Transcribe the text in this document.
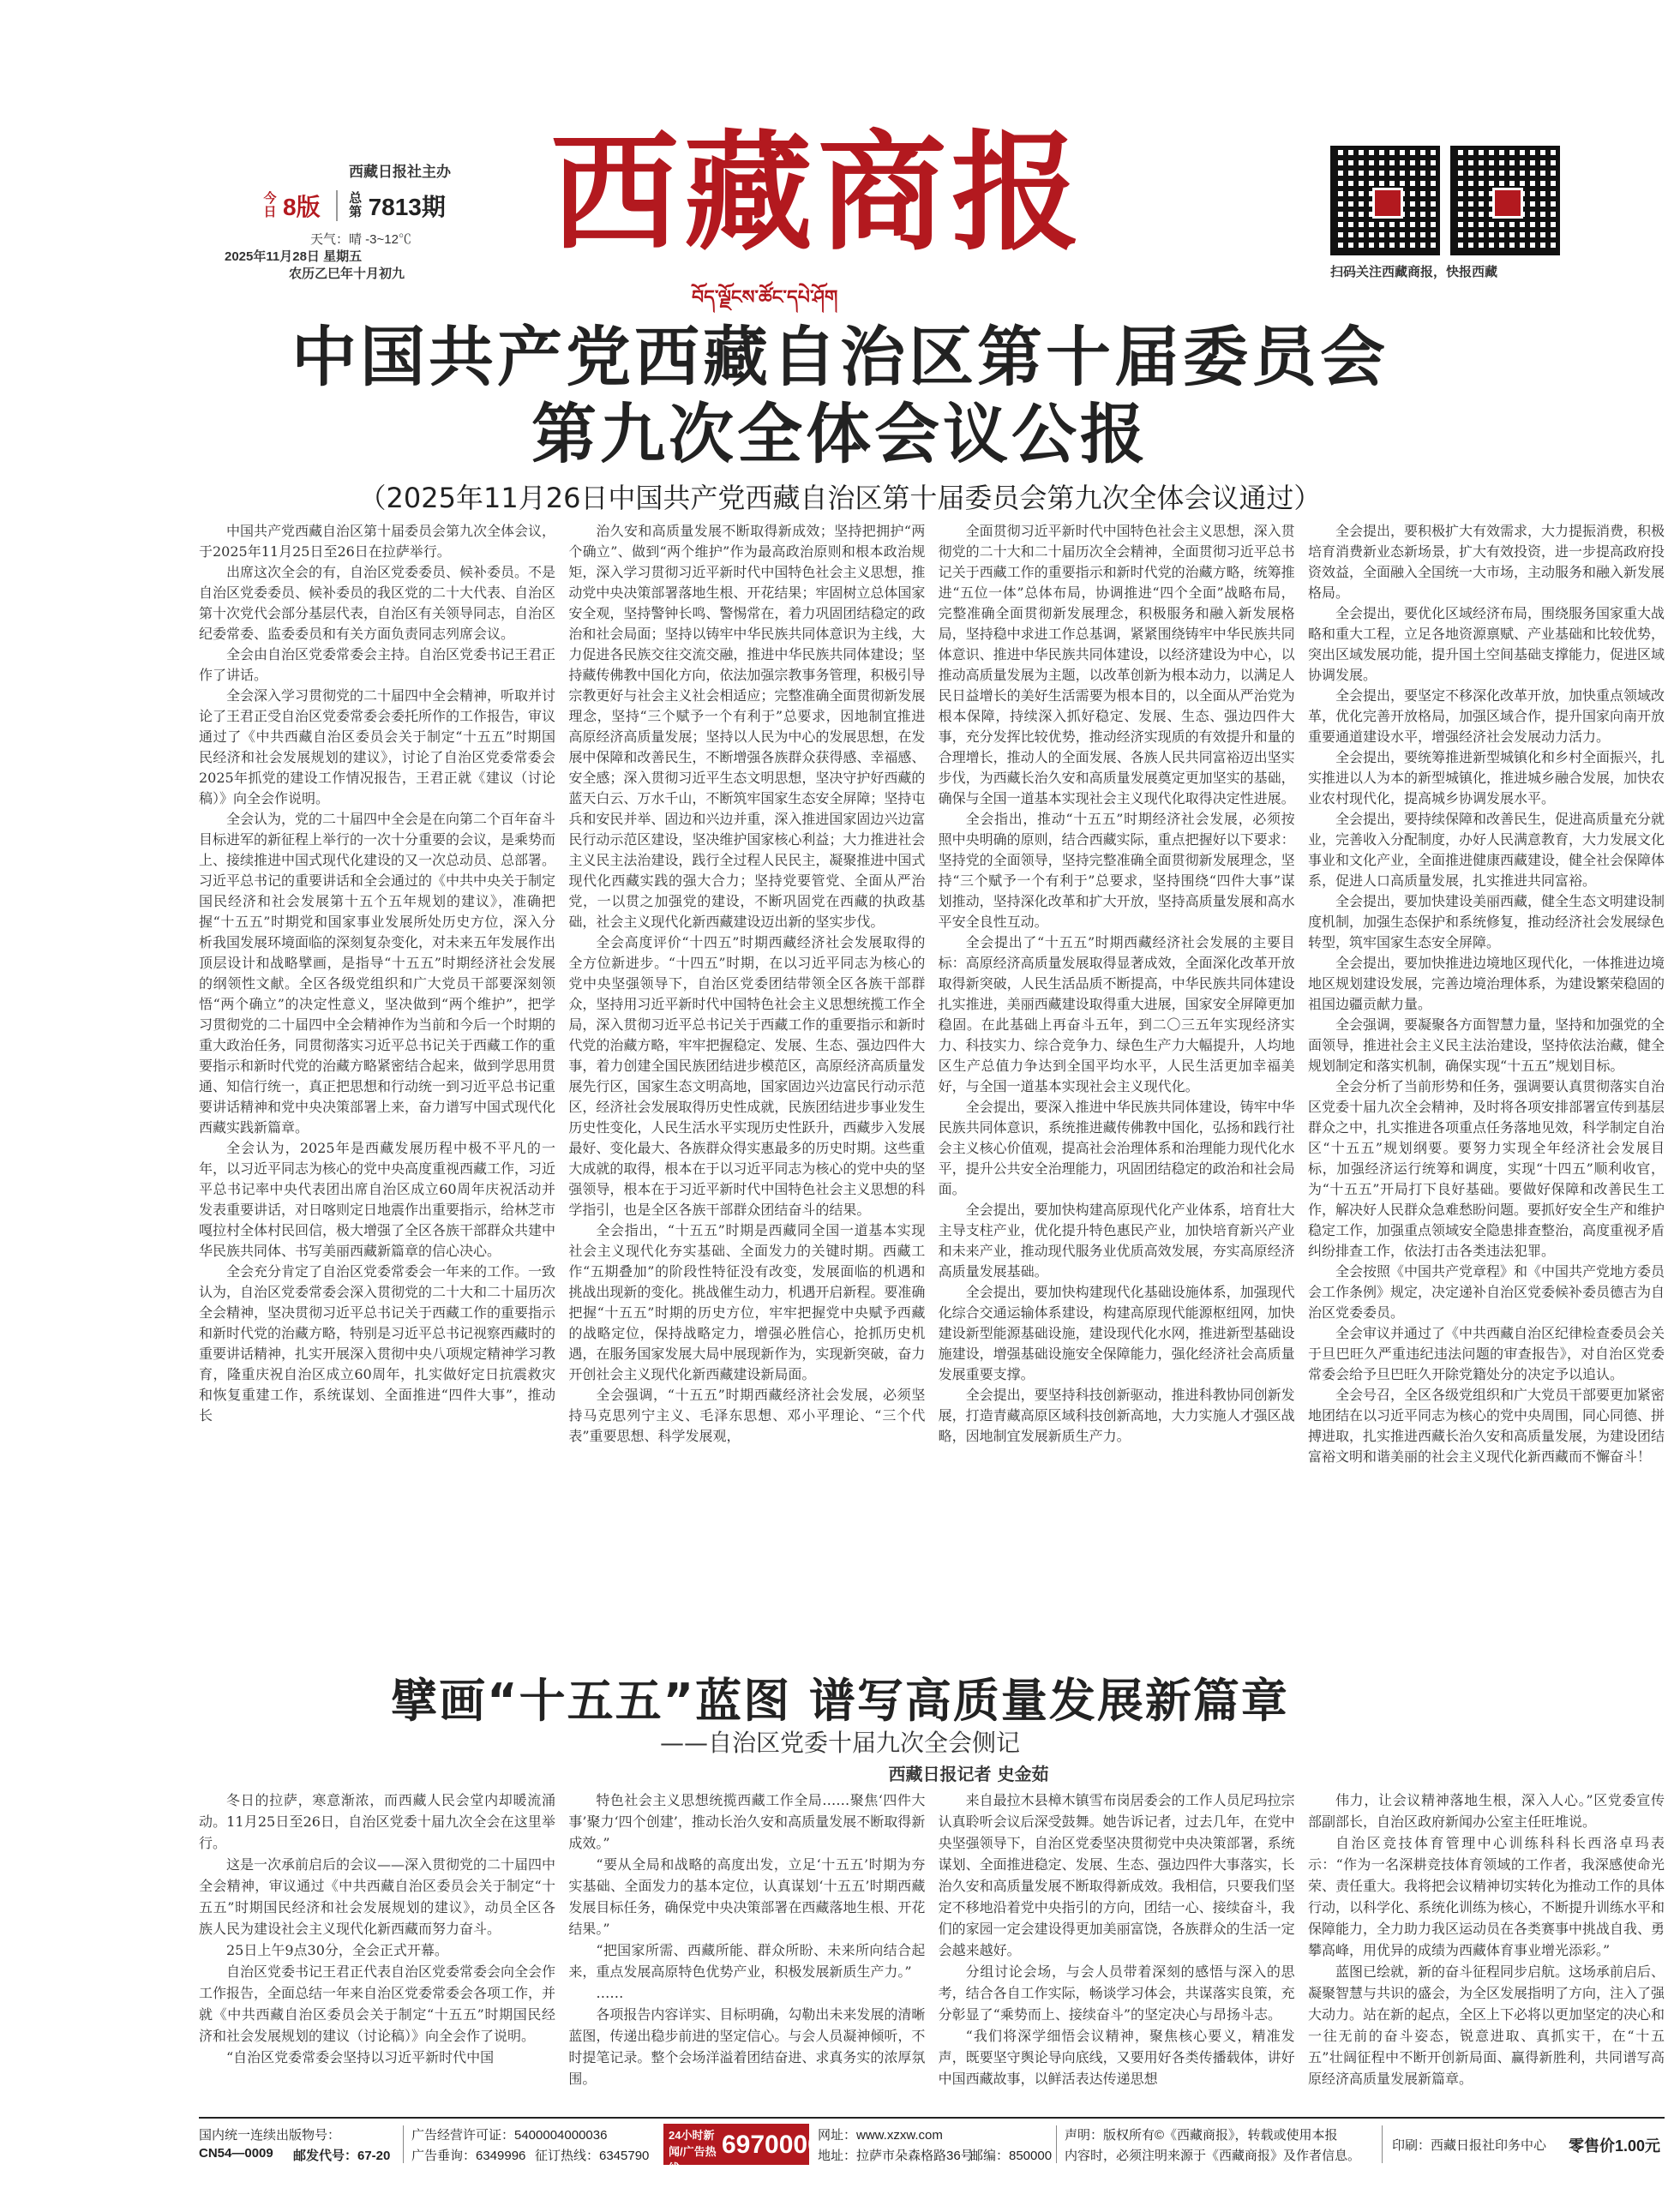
西藏日报社主办
今日 8版 总第 7813期
天气：晴 -3~12℃
2025年11月28日 星期五
农历乙巳年十月初九
西藏商报
བོད་ལྗོངས་ཚོང་དཔེ་ཤོག
扫码关注西藏商报，快报西藏
中国共产党西藏自治区第十届委员会
第九次全体会议公报
（2025年11月26日中国共产党西藏自治区第十届委员会第九次全体会议通过）

中国共产党西藏自治区第十届委员会第九次全体会议，于2025年11月25日至26日在拉萨举行。

出席这次全会的有，自治区党委委员、候补委员。不是自治区党委委员、候补委员的我区党的二十大代表、自治区第十次党代会部分基层代表，自治区有关领导同志，自治区纪委常委、监委委员和有关方面负责同志列席会议。

全会由自治区党委常委会主持。自治区党委书记王君正作了讲话。

全会深入学习贯彻党的二十届四中全会精神，听取并讨论了王君正受自治区党委常委会委托所作的工作报告，审议通过了《中共西藏自治区委员会关于制定“十五五”时期国民经济和社会发展规划的建议》，讨论了自治区党委常委会2025年抓党的建设工作情况报告，王君正就《建议（讨论稿）》向全会作说明。

全会认为，党的二十届四中全会是在向第二个百年奋斗目标进军的新征程上举行的一次十分重要的会议，是乘势而上、接续推进中国式现代化建设的又一次总动员、总部署。习近平总书记的重要讲话和全会通过的《中共中央关于制定国民经济和社会发展第十五个五年规划的建议》，准确把握“十五五”时期党和国家事业发展所处历史方位，深入分析我国发展环境面临的深刻复杂变化，对未来五年发展作出顶层设计和战略擘画，是指导“十五五”时期经济社会发展的纲领性文献。全区各级党组织和广大党员干部要深刻领悟“两个确立”的决定性意义，坚决做到“两个维护”，把学习贯彻党的二十届四中全会精神作为当前和今后一个时期的重大政治任务，同贯彻落实习近平总书记关于西藏工作的重要指示和新时代党的治藏方略紧密结合起来，做到学思用贯通、知信行统一，真正把思想和行动统一到习近平总书记重要讲话精神和党中央决策部署上来，奋力谱写中国式现代化西藏实践新篇章。

全会认为，2025年是西藏发展历程中极不平凡的一年，以习近平同志为核心的党中央高度重视西藏工作，习近平总书记率中央代表团出席自治区成立60周年庆祝活动并发表重要讲话，对日喀则定日地震作出重要指示，给林芝市嘎拉村全体村民回信，极大增强了全区各族干部群众共建中华民族共同体、书写美丽西藏新篇章的信心决心。

全会充分肯定了自治区党委常委会一年来的工作。一致认为，自治区党委常委会深入贯彻党的二十大和二十届历次全会精神，坚决贯彻习近平总书记关于西藏工作的重要指示和新时代党的治藏方略，特别是习近平总书记视察西藏时的重要讲话精神，扎实开展深入贯彻中央八项规定精神学习教育，隆重庆祝自治区成立60周年，扎实做好定日抗震救灾和恢复重建工作，系统谋划、全面推进“四件大事”，推动长

治久安和高质量发展不断取得新成效；坚持把拥护“两个确立”、做到“两个维护”作为最高政治原则和根本政治规矩，深入学习贯彻习近平新时代中国特色社会主义思想，推动党中央决策部署落地生根、开花结果；牢固树立总体国家安全观，坚持警钟长鸣、警惕常在，着力巩固团结稳定的政治和社会局面；坚持以铸牢中华民族共同体意识为主线，大力促进各民族交往交流交融，推进中华民族共同体建设；坚持藏传佛教中国化方向，依法加强宗教事务管理，积极引导宗教更好与社会主义社会相适应；完整准确全面贯彻新发展理念，坚持“三个赋予一个有利于”总要求，因地制宜推进高原经济高质量发展；坚持以人民为中心的发展思想，在发展中保障和改善民生，不断增强各族群众获得感、幸福感、安全感；深入贯彻习近平生态文明思想，坚决守护好西藏的蓝天白云、万水千山，不断筑牢国家生态安全屏障；坚持屯兵和安民并举、固边和兴边并重，深入推进国家固边兴边富民行动示范区建设，坚决维护国家核心利益；大力推进社会主义民主法治建设，践行全过程人民民主，凝聚推进中国式现代化西藏实践的强大合力；坚持党要管党、全面从严治党，一以贯之加强党的建设，不断巩固党在西藏的执政基础，社会主义现代化新西藏建设迈出新的坚实步伐。

全会高度评价“十四五”时期西藏经济社会发展取得的全方位新进步。“十四五”时期，在以习近平同志为核心的党中央坚强领导下，自治区党委团结带领全区各族干部群众，坚持用习近平新时代中国特色社会主义思想统揽工作全局，深入贯彻习近平总书记关于西藏工作的重要指示和新时代党的治藏方略，牢牢把握稳定、发展、生态、强边四件大事，着力创建全国民族团结进步模范区，高原经济高质量发展先行区，国家生态文明高地，国家固边兴边富民行动示范区，经济社会发展取得历史性成就，民族团结进步事业发生历史性变化，人民生活水平实现历史性跃升，西藏步入发展最好、变化最大、各族群众得实惠最多的历史时期。这些重大成就的取得，根本在于以习近平同志为核心的党中央的坚强领导，根本在于习近平新时代中国特色社会主义思想的科学指引，也是全区各族干部群众团结奋斗的结果。

全会指出，“十五五”时期是西藏同全国一道基本实现社会主义现代化夯实基础、全面发力的关键时期。西藏工作“五期叠加”的阶段性特征没有改变，发展面临的机遇和挑战出现新的变化。挑战催生动力，机遇开启新程。要准确把握“十五五”时期的历史方位，牢牢把握党中央赋予西藏的战略定位，保持战略定力，增强必胜信心，抢抓历史机遇，在服务国家发展大局中展现新作为，实现新突破，奋力开创社会主义现代化新西藏建设新局面。

全会强调，“十五五”时期西藏经济社会发展，必须坚持马克思列宁主义、毛泽东思想、邓小平理论、“三个代表”重要思想、科学发展观，

全面贯彻习近平新时代中国特色社会主义思想，深入贯彻党的二十大和二十届历次全会精神，全面贯彻习近平总书记关于西藏工作的重要指示和新时代党的治藏方略，统筹推进“五位一体”总体布局，协调推进“四个全面”战略布局，完整准确全面贯彻新发展理念，积极服务和融入新发展格局，坚持稳中求进工作总基调，紧紧围绕铸牢中华民族共同体意识、推进中华民族共同体建设，以经济建设为中心，以推动高质量发展为主题，以改革创新为根本动力，以满足人民日益增长的美好生活需要为根本目的，以全面从严治党为根本保障，持续深入抓好稳定、发展、生态、强边四件大事，充分发挥比较优势，推动经济实现质的有效提升和量的合理增长，推动人的全面发展、各族人民共同富裕迈出坚实步伐，为西藏长治久安和高质量发展奠定更加坚实的基础，确保与全国一道基本实现社会主义现代化取得决定性进展。

全会指出，推动“十五五”时期经济社会发展，必须按照中央明确的原则，结合西藏实际，重点把握好以下要求：坚持党的全面领导，坚持完整准确全面贯彻新发展理念，坚持“三个赋予一个有利于”总要求，坚持围绕“四件大事”谋划推动，坚持深化改革和扩大开放，坚持高质量发展和高水平安全良性互动。

全会提出了“十五五”时期西藏经济社会发展的主要目标：高原经济高质量发展取得显著成效，全面深化改革开放取得新突破，人民生活品质不断提高，中华民族共同体建设扎实推进，美丽西藏建设取得重大进展，国家安全屏障更加稳固。在此基础上再奋斗五年，到二〇三五年实现经济实力、科技实力、综合竞争力、绿色生产力大幅提升，人均地区生产总值力争达到全国平均水平，人民生活更加幸福美好，与全国一道基本实现社会主义现代化。

全会提出，要深入推进中华民族共同体建设，铸牢中华民族共同体意识，系统推进藏传佛教中国化，弘扬和践行社会主义核心价值观，提高社会治理体系和治理能力现代化水平，提升公共安全治理能力，巩固团结稳定的政治和社会局面。

全会提出，要加快构建高原现代化产业体系，培育壮大主导支柱产业，优化提升特色惠民产业，加快培育新兴产业和未来产业，推动现代服务业优质高效发展，夯实高原经济高质量发展基础。

全会提出，要加快构建现代化基础设施体系，加强现代化综合交通运输体系建设，构建高原现代能源枢纽网，加快建设新型能源基础设施，建设现代化水网，推进新型基础设施建设，增强基础设施安全保障能力，强化经济社会高质量发展重要支撑。

全会提出，要坚持科技创新驱动，推进科教协同创新发展，打造青藏高原区域科技创新高地，大力实施人才强区战略，因地制宜发展新质生产力。

全会提出，要积极扩大有效需求，大力提振消费，积极培育消费新业态新场景，扩大有效投资，进一步提高政府投资效益，全面融入全国统一大市场，主动服务和融入新发展格局。

全会提出，要优化区域经济布局，围绕服务国家重大战略和重大工程，立足各地资源禀赋、产业基础和比较优势，突出区域发展功能，提升国土空间基础支撑能力，促进区域协调发展。

全会提出，要坚定不移深化改革开放，加快重点领域改革，优化完善开放格局，加强区域合作，提升国家向南开放重要通道建设水平，增强经济社会发展动力活力。

全会提出，要统筹推进新型城镇化和乡村全面振兴，扎实推进以人为本的新型城镇化，推进城乡融合发展，加快农业农村现代化，提高城乡协调发展水平。

全会提出，要持续保障和改善民生，促进高质量充分就业，完善收入分配制度，办好人民满意教育，大力发展文化事业和文化产业，全面推进健康西藏建设，健全社会保障体系，促进人口高质量发展，扎实推进共同富裕。

全会提出，要加快建设美丽西藏，健全生态文明建设制度机制，加强生态保护和系统修复，推动经济社会发展绿色转型，筑牢国家生态安全屏障。

全会提出，要加快推进边境地区现代化，一体推进边境地区规划建设发展，完善边境治理体系，为建设繁荣稳固的祖国边疆贡献力量。

全会强调，要凝聚各方面智慧力量，坚持和加强党的全面领导，推进社会主义民主法治建设，坚持依法治藏，健全规划制定和落实机制，确保实现“十五五”规划目标。

全会分析了当前形势和任务，强调要认真贯彻落实自治区党委十届九次全会精神，及时将各项安排部署宣传到基层群众之中，扎实推进各项重点任务落地见效，科学制定自治区“十五五”规划纲要。要努力实现全年经济社会发展目标，加强经济运行统筹和调度，实现“十四五”顺利收官，为“十五五”开局打下良好基础。要做好保障和改善民生工作，解决好人民群众急难愁盼问题。要抓好安全生产和维护稳定工作，加强重点领域安全隐患排查整治，高度重视矛盾纠纷排查工作，依法打击各类违法犯罪。

全会按照《中国共产党章程》和《中国共产党地方委员会工作条例》规定，决定递补自治区党委候补委员德吉为自治区党委委员。

全会审议并通过了《中共西藏自治区纪律检查委员会关于旦巴旺久严重违纪违法问题的审查报告》，对自治区党委常委会给予旦巴旺久开除党籍处分的决定予以追认。

全会号召，全区各级党组织和广大党员干部要更加紧密地团结在以习近平同志为核心的党中央周围，同心同德、拼搏进取，扎实推进西藏长治久安和高质量发展，为建设团结富裕文明和谐美丽的社会主义现代化新西藏而不懈奋斗！

擘画“十五五”蓝图 谱写高质量发展新篇章
——自治区党委十届九次全会侧记
西藏日报记者 史金茹

冬日的拉萨，寒意渐浓，而西藏人民会堂内却暖流涌动。11月25日至26日，自治区党委十届九次全会在这里举行。

这是一次承前启后的会议——深入贯彻党的二十届四中全会精神，审议通过《中共西藏自治区委员会关于制定“十五五”时期国民经济和社会发展规划的建议》，动员全区各族人民为建设社会主义现代化新西藏而努力奋斗。

25日上午9点30分，全会正式开幕。

自治区党委书记王君正代表自治区党委常委会向全会作工作报告，全面总结一年来自治区党委常委会各项工作，并就《中共西藏自治区委员会关于制定“十五五”时期国民经济和社会发展规划的建议（讨论稿）》向全会作了说明。

“自治区党委常委会坚持以习近平新时代中国

特色社会主义思想统揽西藏工作全局……聚焦‘四件大事’聚力‘四个创建’，推动长治久安和高质量发展不断取得新成效。”

“要从全局和战略的高度出发，立足‘十五五’时期为夯实基础、全面发力的基本定位，认真谋划‘十五五’时期西藏发展目标任务，确保党中央决策部署在西藏落地生根、开花结果。”

“把国家所需、西藏所能、群众所盼、未来所向结合起来，重点发展高原特色优势产业，积极发展新质生产力。”

……

各项报告内容详实、目标明确，勾勒出未来发展的清晰蓝图，传递出稳步前进的坚定信心。与会人员凝神倾听，不时提笔记录。整个会场洋溢着团结奋进、求真务实的浓厚氛围。

来自最拉木县樟木镇雪布岗居委会的工作人员尼玛拉宗认真聆听会议后深受鼓舞。她告诉记者，过去几年，在党中央坚强领导下，自治区党委坚决贯彻党中央决策部署，系统谋划、全面推进稳定、发展、生态、强边四件大事落实，长治久安和高质量发展不断取得新成效。我相信，只要我们坚定不移地沿着党中央指引的方向，团结一心、接续奋斗，我们的家园一定会建设得更加美丽富饶，各族群众的生活一定会越来越好。

分组讨论会场，与会人员带着深刻的感悟与深入的思考，结合各自工作实际，畅谈学习体会，共谋落实良策，充分彰显了“乘势而上、接续奋斗”的坚定决心与昂扬斗志。

“我们将深学细悟会议精神，聚焦核心要义，精准发声，既要坚守舆论导向底线，又要用好各类传播载体，讲好中国西藏故事，以鲜活表达传递思想

伟力，让会议精神落地生根，深入人心。”区党委宣传部副部长，自治区政府新闻办公室主任旺堆说。

自治区竞技体育管理中心训练科科长西洛卓玛表示：“作为一名深耕竞技体育领域的工作者，我深感使命光荣、责任重大。我将把会议精神切实转化为推动工作的具体行动，以科学化、系统化训练为核心，不断提升训练水平和保障能力，全力助力我区运动员在各类赛事中挑战自我、勇攀高峰，用优异的成绩为西藏体育事业增光添彩。”

蓝图已绘就，新的奋斗征程同步启航。这场承前启后、凝聚智慧与共识的盛会，为全区发展指明了方向，注入了强大动力。站在新的起点，全区上下必将以更加坚定的决心和一往无前的奋斗姿态，锐意进取、真抓实干，在“十五五”壮阔征程中不断开创新局面、赢得新胜利，共同谱写高原经济高质量发展新篇章。

国内统一连续出版物号：
CN54—0009 邮发代号：67-20
广告经营许可证：5400004000036
广告垂询：6349996 征订热线：6345790
24小时新闻/广告热线：
6970000
网址：www.xzxw.com
地址：拉萨市朵森格路36号
邮编：850000
声明：版权所有©《西藏商报》，转载或使用本报
内容时，必须注明来源于《西藏商报》及作者信息。
印刷：西藏日报社印务中心 零售价1.00元
